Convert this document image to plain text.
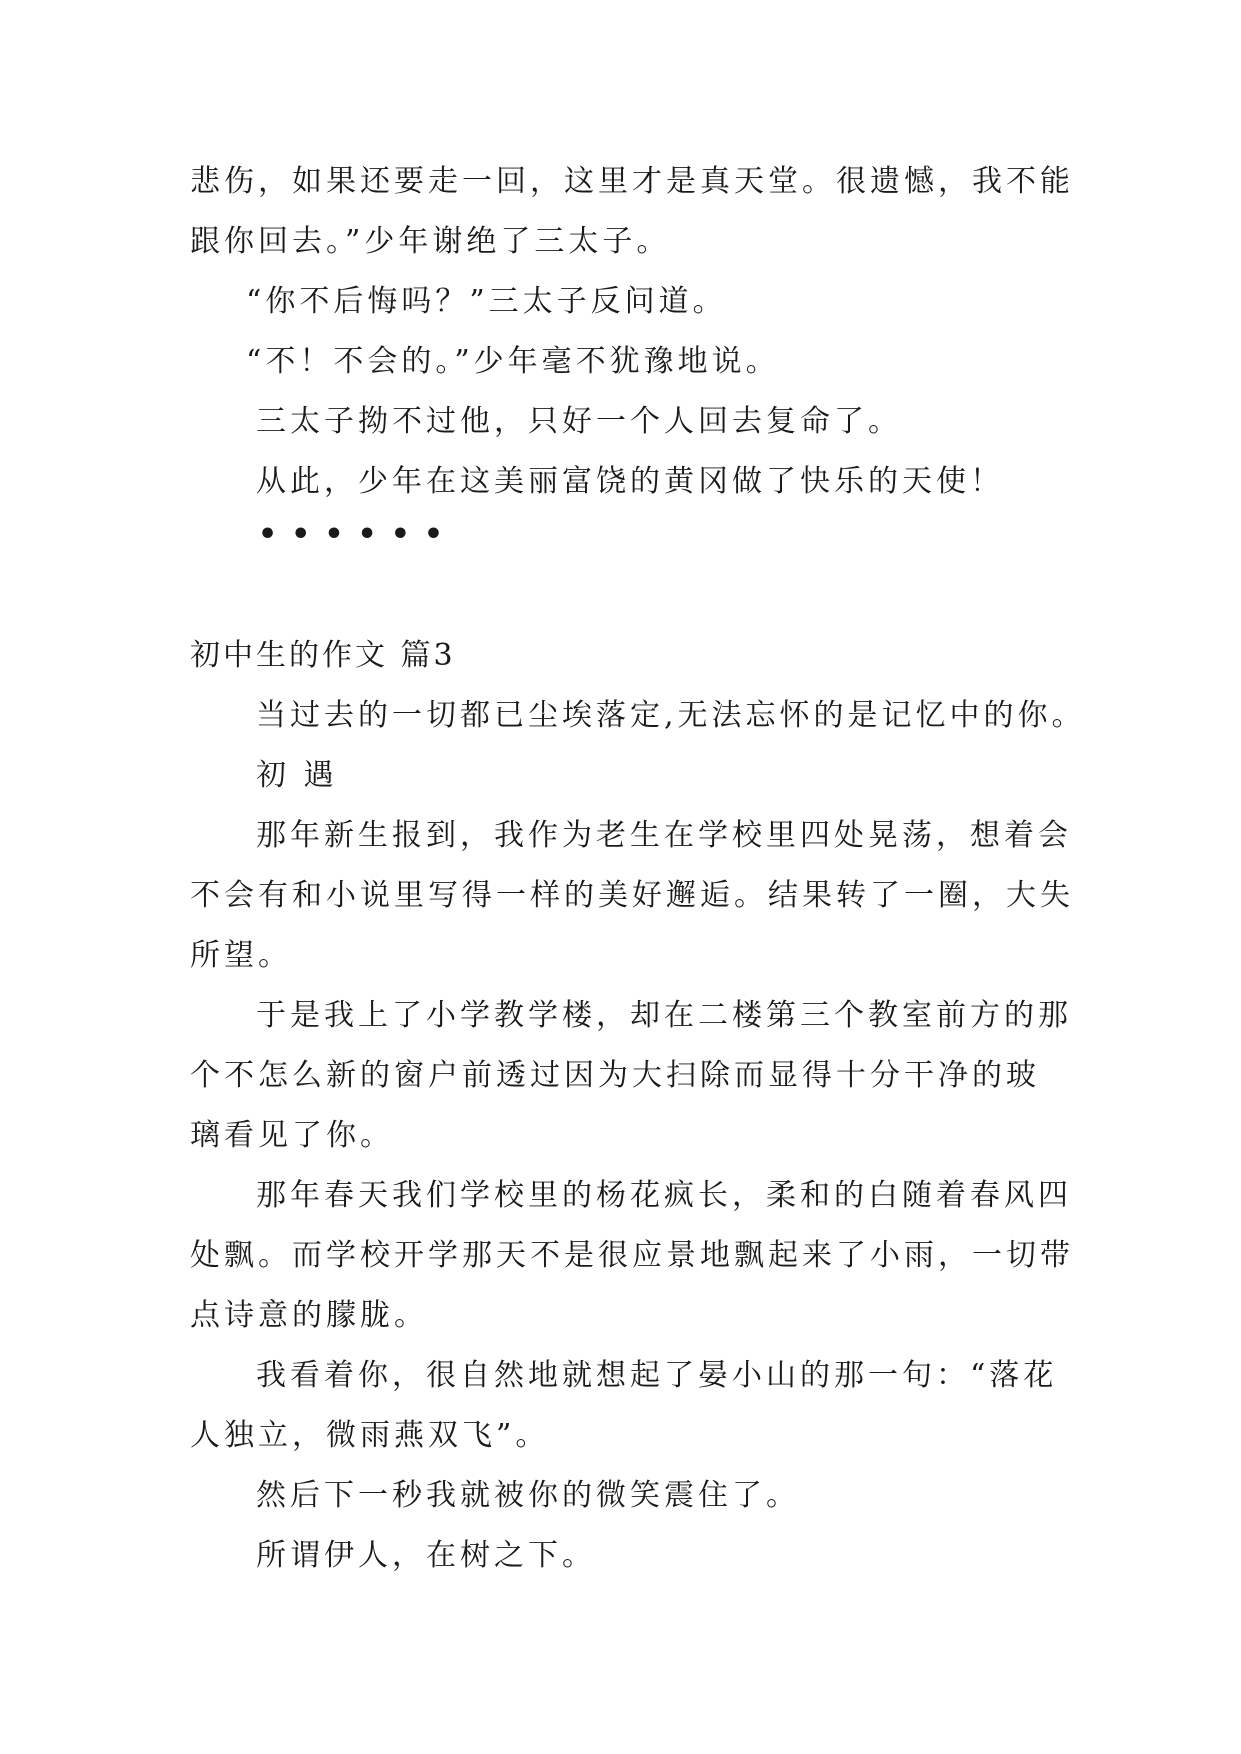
悲伤，如果还要走一回，这里才是真天堂。很遗憾，我不能
跟你回去。”少年谢绝了三太子。
“你不后悔吗？”三太子反问道。
“不！不会的。”少年毫不犹豫地说。
三太子拗不过他，只好一个人回去复命了。
从此，少年在这美丽富饶的黄冈做了快乐的天使！
••••••
初中生的作文 篇3
当过去的一切都已尘埃落定,无法忘怀的是记忆中的你。
初 遇
那年新生报到，我作为老生在学校里四处晃荡，想着会
不会有和小说里写得一样的美好邂逅。结果转了一圈，大失
所望。
于是我上了小学教学楼，却在二楼第三个教室前方的那
个不怎么新的窗户前透过因为大扫除而显得十分干净的玻
璃看见了你。
那年春天我们学校里的杨花疯长，柔和的白随着春风四
处飘。而学校开学那天不是很应景地飘起来了小雨，一切带
点诗意的朦胧。
我看着你，很自然地就想起了晏小山的那一句：“落花
人独立，微雨燕双飞”。
然后下一秒我就被你的微笑震住了。
所谓伊人，在树之下。
